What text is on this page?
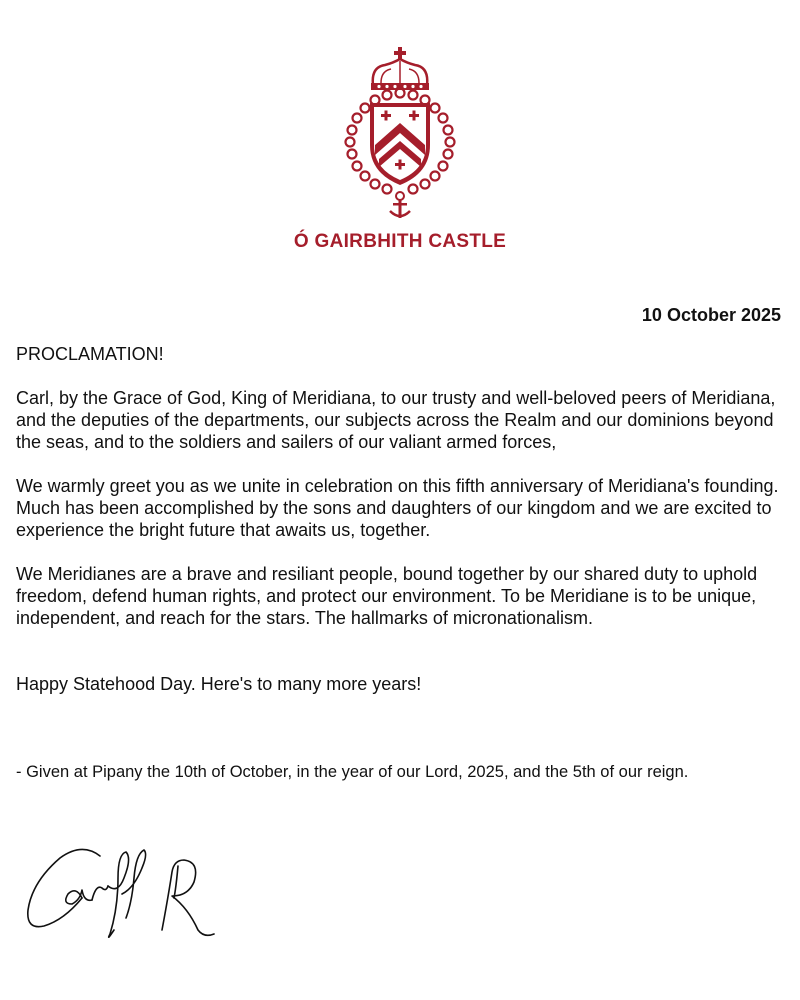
Ó GAIRBHITH CASTLE
10 October 2025

PROCLAMATION!

Carl, by the Grace of God, King of Meridiana, to our trusty and well-beloved peers of Meridiana, and the deputies of the departments, our subjects across the Realm and our dominions beyond the seas, and to the soldiers and sailers of our valiant armed forces,

We warmly greet you as we unite in celebration on this fifth anniversary of Meridiana's founding. Much has been accomplished by the sons and daughters of our kingdom and we are excited to experience the bright future that awaits us, together.

We Meridianes are a brave and resiliant people, bound together by our shared duty to uphold freedom, defend human rights, and protect our environment. To be Meridiane is to be unique, independent, and reach for the stars. The hallmarks of micronationalism.

Happy Statehood Day. Here's to many more years!

- Given at Pipany the 10th of October, in the year of our Lord, 2025, and the 5th of our reign.
